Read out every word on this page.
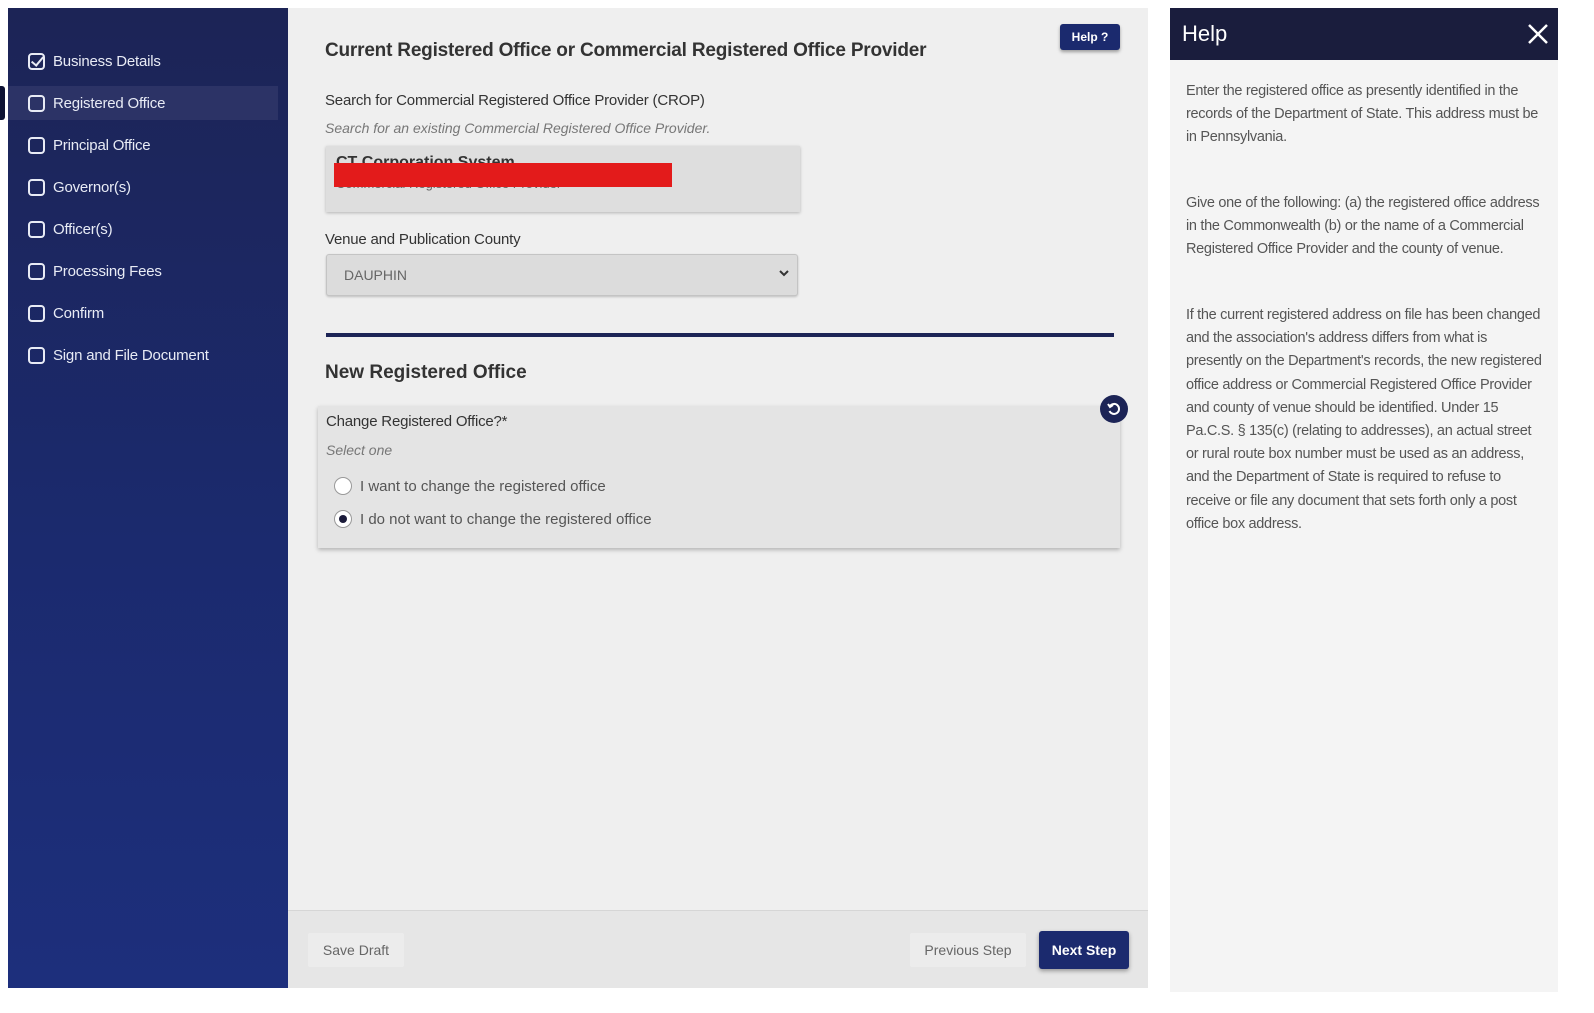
Business Details
Registered Office
Principal Office
Governor(s)
Officer(s)
Processing Fees
Confirm
Sign and File Document
Help ?
Current Registered Office or Commercial Registered Office Provider
Search for Commercial Registered Office Provider (CROP)
Search for an existing Commercial Registered Office Provider.
Venue and Publication County
DAUPHIN
New Registered Office
Change Registered Office?*
Select one
I want to change the registered office
I do not want to change the registered office
Save Draft	Previous Step	Next Step
Help
Enter the registered office as presently identified in the records of the Department of State. This address must be in Pennsylvania.
Give one of the following: (a) the registered office address in the Commonwealth (b) or the name of a Commercial Registered Office Provider and the county of venue.
If the current registered address on file has been changed and the association's address differs from what is presently on the Department's records, the new registered office address or Commercial Registered Office Provider and county of venue should be identified. Under 15 Pa.C.S. § 135(c) (relating to addresses), an actual street or rural route box number must be used as an address, and the Department of State is required to refuse to receive or file any document that sets forth only a post office box address.
